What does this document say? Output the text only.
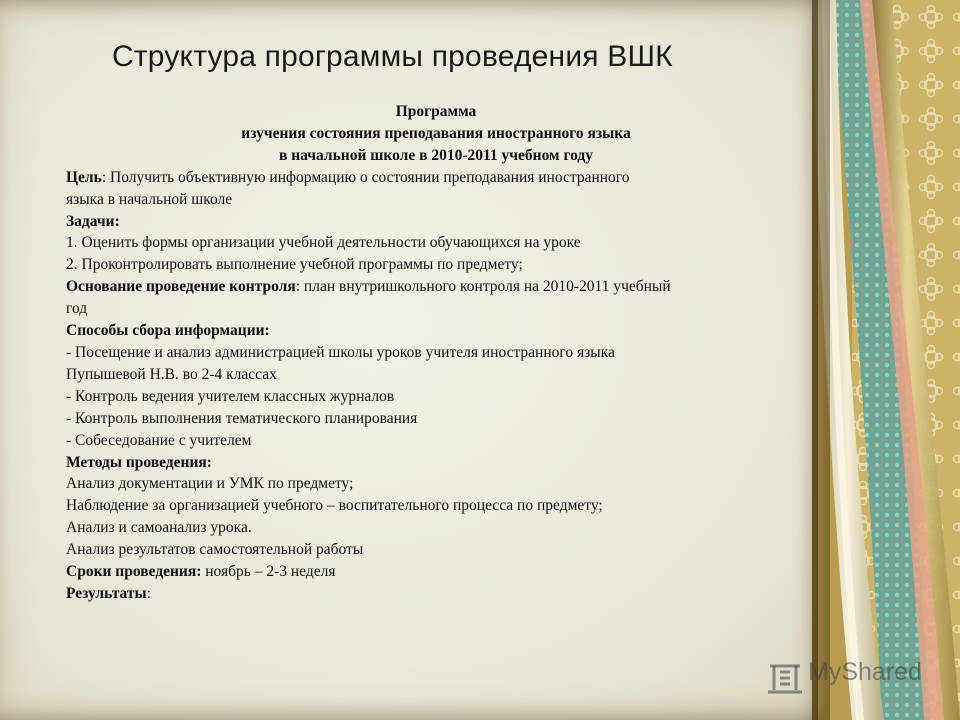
Структура программы проведения ВШК

Программа

изучения состояния преподавания иностранного языка

в начальной школе в 2010-2011 учебном году

Цель: Получить объективную информацию о состоянии преподавания иностранного

языка в начальной школе

Задачи:

1. Оценить формы организации учебной деятельности обучающихся на уроке

2. Проконтролировать выполнение учебной программы по предмету;

Основание проведение контроля: план внутришкольного контроля на 2010-2011 учебный

год

Способы сбора информации:

- Посещение и анализ администрацией школы уроков учителя иностранного языка

Пупышевой Н.В. во 2-4 классах

- Контроль ведения учителем классных журналов

- Контроль выполнения тематического планирования

- Собеседование с учителем

Методы проведения:

Анализ документации и УМК по предмету;

Наблюдение за организацией учебного – воспитательного процесса по предмету;

Анализ и самоанализ урока.

Анализ результатов самостоятельной работы

Сроки проведения: ноябрь – 2-3 неделя

Результаты:

MyShared
